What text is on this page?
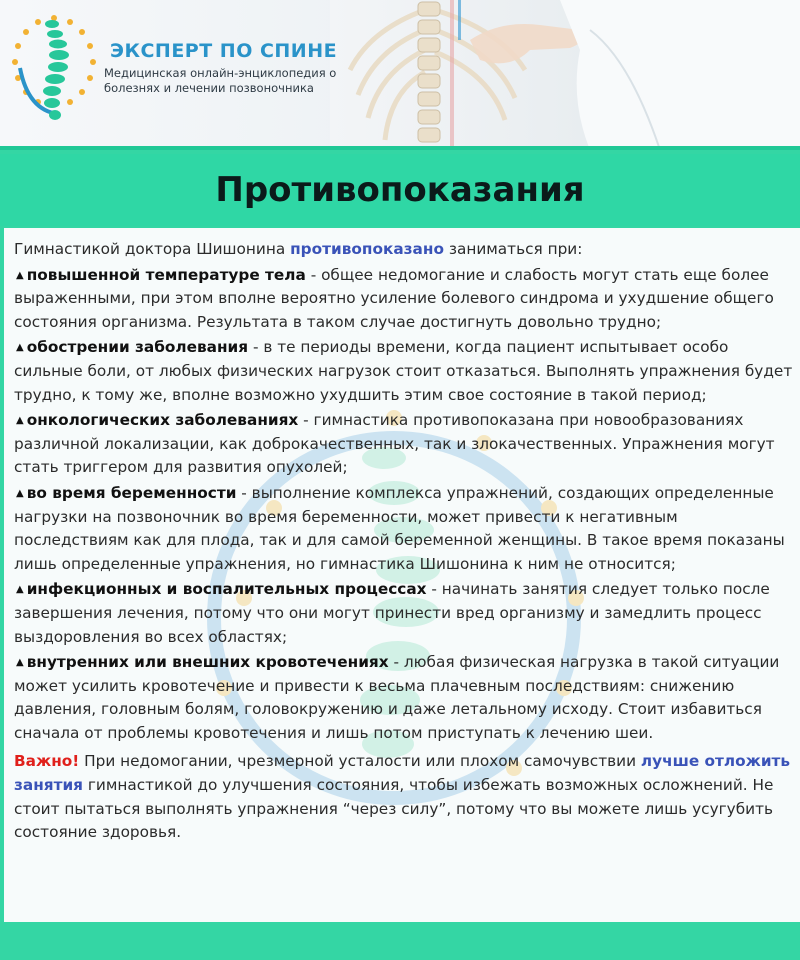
ЭКСПЕРТ ПО СПИНЕ
Медицинская онлайн-энциклопедия о
болезнях и лечении позвоночника
Противопоказания

Гимнастикой доктора Шишонина противопоказано заниматься при:

▲ повышенной температуре тела - общее недомогание и слабость могут стать еще более выраженными, при этом вполне вероятно усиление болевого синдрома и ухудшение общего состояния организма. Результата в таком случае достигнуть довольно трудно;

▲ обострении заболевания - в те периоды времени, когда пациент испытывает особо сильные боли, от любых физических нагрузок стоит отказаться. Выполнять упражнения будет трудно, к тому же, вполне возможно ухудшить этим свое состояние в такой период;

▲ онкологических заболеваниях - гимнастика противопоказана при новообразованиях различной локализации, как доброкачественных, так и злокачественных. Упражнения могут стать триггером для развития опухолей;

▲ во время беременности - выполнение комплекса упражнений, создающих определенные нагрузки на позвоночник во время беременности, может привести к негативным последствиям как для плода, так и для самой беременной женщины. В такое время показаны лишь определенные упражнения, но гимнастика Шишонина к ним не относится;

▲ инфекционных и воспалительных процессах - начинать занятия следует только после завершения лечения, потому что они могут принести вред организму и замедлить процесс выздоровления во всех областях;

▲ внутренних или внешних кровотечениях - любая физическая нагрузка в такой ситуации может усилить кровотечение и привести к весьма плачевным последствиям: снижению давления, головным болям, головокружению и даже летальному исходу. Стоит избавиться сначала от проблемы кровотечения и лишь потом приступать к лечению шеи.

Важно! При недомогании, чрезмерной усталости или плохом самочувствии лучше отложить занятия гимнастикой до улучшения состояния, чтобы избежать возможных осложнений. Не стоит пытаться выполнять упражнения “через силу”, потому что вы можете лишь усугубить состояние здоровья.
